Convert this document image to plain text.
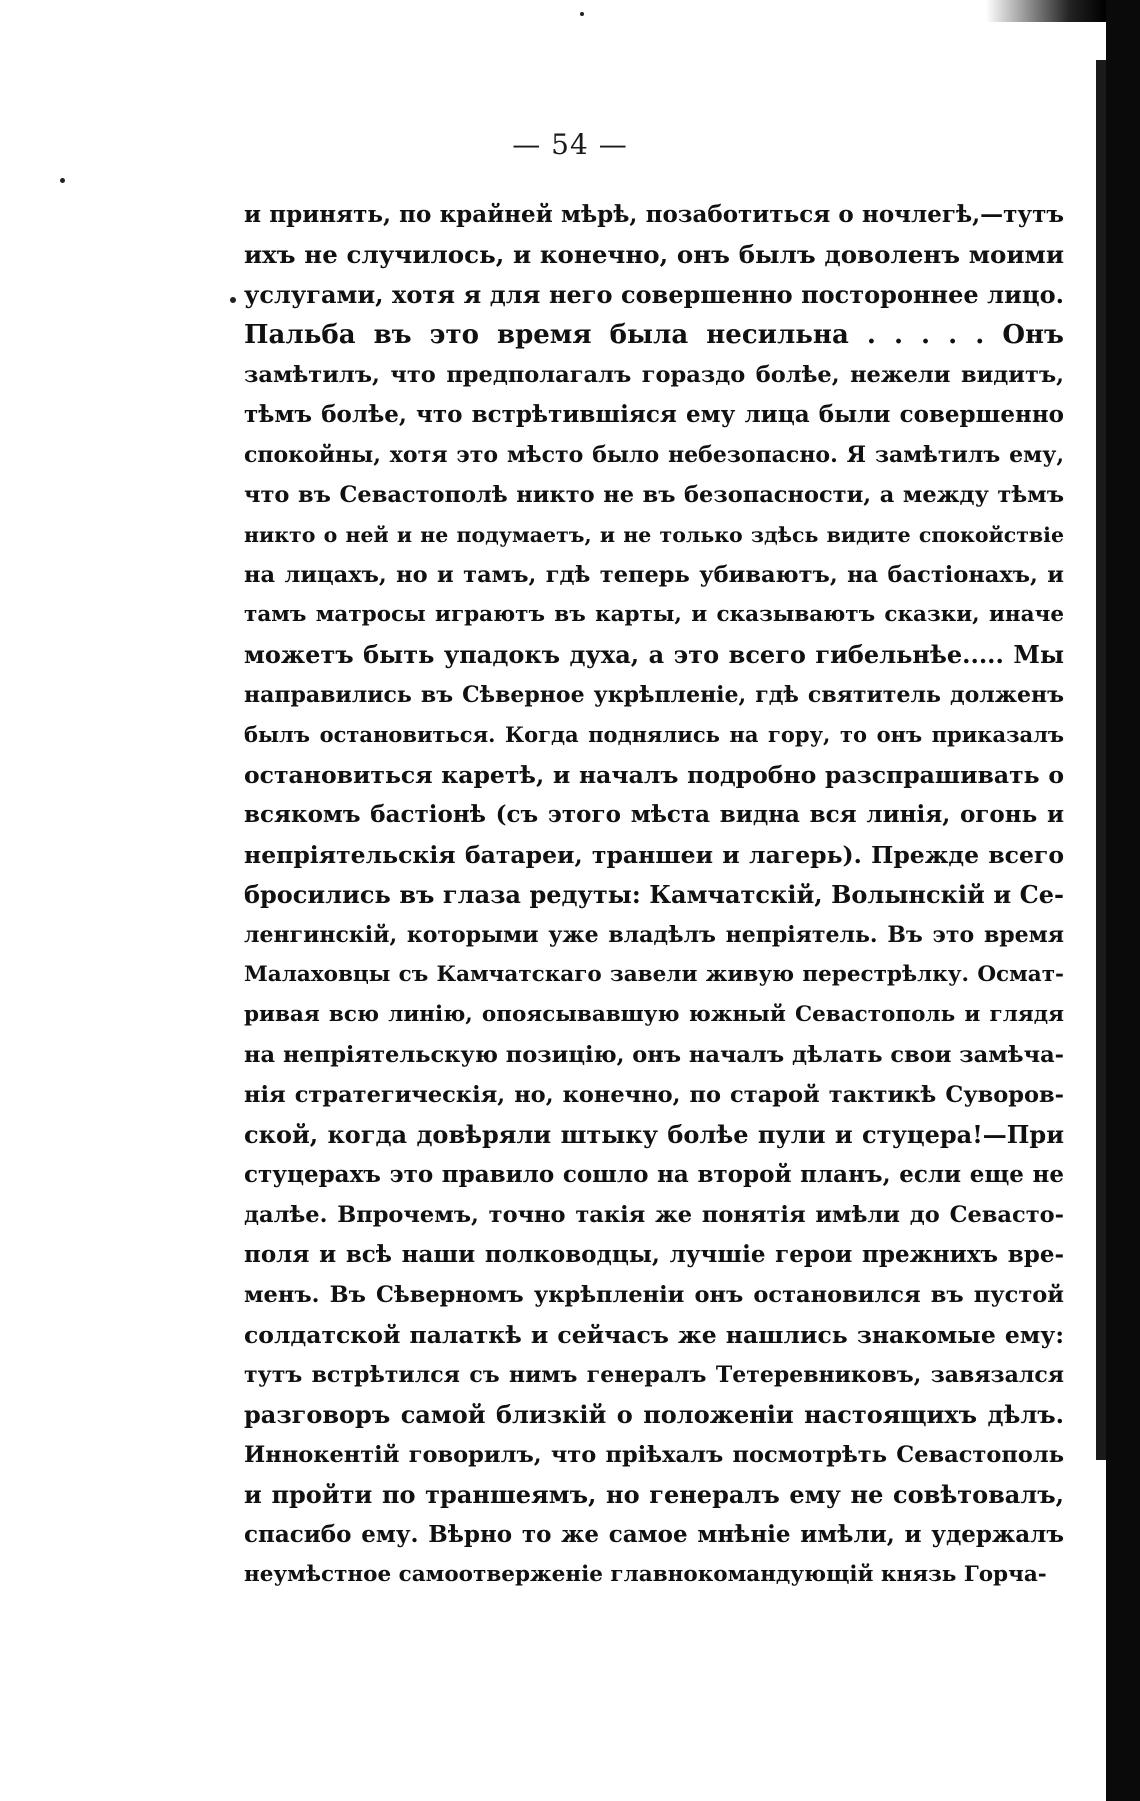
— 54 —
и принять, по крайней мѣрѣ, позаботиться о ночлегѣ,—тутъ
ихъ не случилось, и конечно, онъ былъ доволенъ моими
услугами, хотя я для него совершенно постороннее лицо.
Пальба въ это время была несильна . . . . . Онъ
замѣтилъ, что предполагалъ гораздо болѣе, нежели видитъ,
тѣмъ болѣе, что встрѣтившіяся ему лица были совершенно
спокойны, хотя это мѣсто было небезопасно. Я замѣтилъ ему,
что въ Севастополѣ никто не въ безопасности, а между тѣмъ
никто о ней и не подумаетъ, и не только здѣсь видите спокойствіе
на лицахъ, но и тамъ, гдѣ теперь убиваютъ, на бастіонахъ, и
тамъ матросы играютъ въ карты, и сказываютъ сказки, иначе
можетъ быть упадокъ духа, а это всего гибельнѣе..... Мы
направились въ Сѣверное укрѣпленіе, гдѣ святитель долженъ
былъ остановиться. Когда поднялись на гору, то онъ приказалъ
остановиться каретѣ, и началъ подробно разспрашивать о
всякомъ бастіонѣ (съ этого мѣста видна вся линія, огонь и
непріятельскія батареи, траншеи и лагерь). Прежде всего
бросились въ глаза редуты: Камчатскій, Волынскій и Се-
ленгинскій, которыми уже владѣлъ непріятель. Въ это время
Малаховцы съ Камчатскаго завели живую перестрѣлку. Осмат-
ривая всю линію, опоясывавшую южный Севастополь и глядя
на непріятельскую позицію, онъ началъ дѣлать свои замѣча-
нія стратегическія, но, конечно, по старой тактикѣ Суворов-
ской, когда довѣряли штыку болѣе пули и стуцера!—При
стуцерахъ это правило сошло на второй планъ, если еще не
далѣе. Впрочемъ, точно такія же понятія имѣли до Севасто-
поля и всѣ наши полководцы, лучшіе герои прежнихъ вре-
менъ. Въ Сѣверномъ укрѣпленіи онъ остановился въ пустой
солдатской палаткѣ и сейчасъ же нашлись знакомые ему:
тутъ встрѣтился съ нимъ генералъ Тетеревниковъ, завязался
разговоръ самой близкій о положеніи настоящихъ дѣлъ.
Иннокентій говорилъ, что пріѣхалъ посмотрѣть Севастополь
и пройти по траншеямъ, но генералъ ему не совѣтовалъ,
спасибо ему. Вѣрно то же самое мнѣніе имѣли, и удержалъ
неумѣстное самоотверженіе главнокомандующій князь Горча-
